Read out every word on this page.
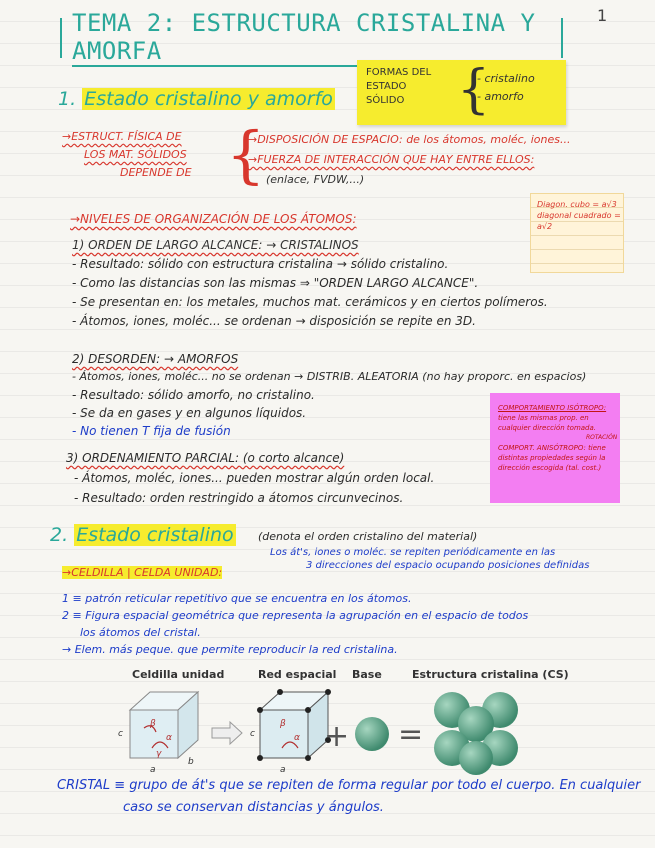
1
TEMA 2: ESTRUCTURA CRISTALINA Y AMORFA
FORMAS DEL
ESTADO
SÓLIDO	{
- cristalino
- amorfo
1. Estado cristalino y amorfo
→ESTRUCT. FÍSICA DE
LOS MAT. SÓLIDOS
DEPENDE DE {
→DISPOSICIÓN DE ESPACIO: de los átomos, moléc, iones...
→FUERZA DE INTERACCIÓN QUE HAY ENTRE ELLOS:
(enlace, FVDW,...)
→NIVELES DE ORGANIZACIÓN DE LOS ÁTOMOS:
1) ORDEN DE LARGO ALCANCE: → CRISTALINOS
- Resultado: sólido con estructura cristalina → sólido cristalino.
- Como las distancias son las mismas ⇒ "ORDEN LARGO ALCANCE".
- Se presentan en: los metales, muchos mat. cerámicos y en ciertos polímeros.
- Átomos, iones, moléc... se ordenan → disposición se repite en 3D.
2) DESORDEN: → AMORFOS
- Átomos, iones, moléc... no se ordenan → DISTRIB. ALEATORIA (no hay proporc. en espacios)
- Resultado: sólido amorfo, no cristalino.
- Se da en gases y en algunos líquidos.
- No tienen T fija de fusión
3) ORDENAMIENTO PARCIAL: (o corto alcance)
- Átomos, moléc, iones... pueden mostrar algún orden local.
- Resultado: orden restringido a átomos circunvecinos.
Diagon. cubo = a√3
diagonal cuadrado = a√2
COMPORTAMIENTO ISÓTROPO:
tiene las mismas prop. en
cualquier dirección tomada.
ROTACIÓN
COMPORT. ANISÓTROPO: tiene
distintas propiedades según la
dirección escogida (tal. cost.)
2. Estado cristalino (denota el orden cristalino del material)
Los át's, iones o moléc. se repiten periódicamente en las
3 direcciones del espacio ocupando posiciones definidas
→CELDILLA | CELDA UNIDAD:
1 ≡ patrón reticular repetitivo que se encuentra en los átomos.
2 ≡ Figura espacial geométrica que representa la agrupación en el espacio de todos
los átomos del cristal.
→ Elem. más peque. que permite reproducir la red cristalina.
Celdilla unidad	Red espacial Base	Estructura cristalina (CS)
c
a
b
β
α
γ
c
a
β
α + =
CRISTAL ≡ grupo de át's que se repiten de forma regular por todo el cuerpo. En cualquier
caso se conservan distancias y ángulos.
